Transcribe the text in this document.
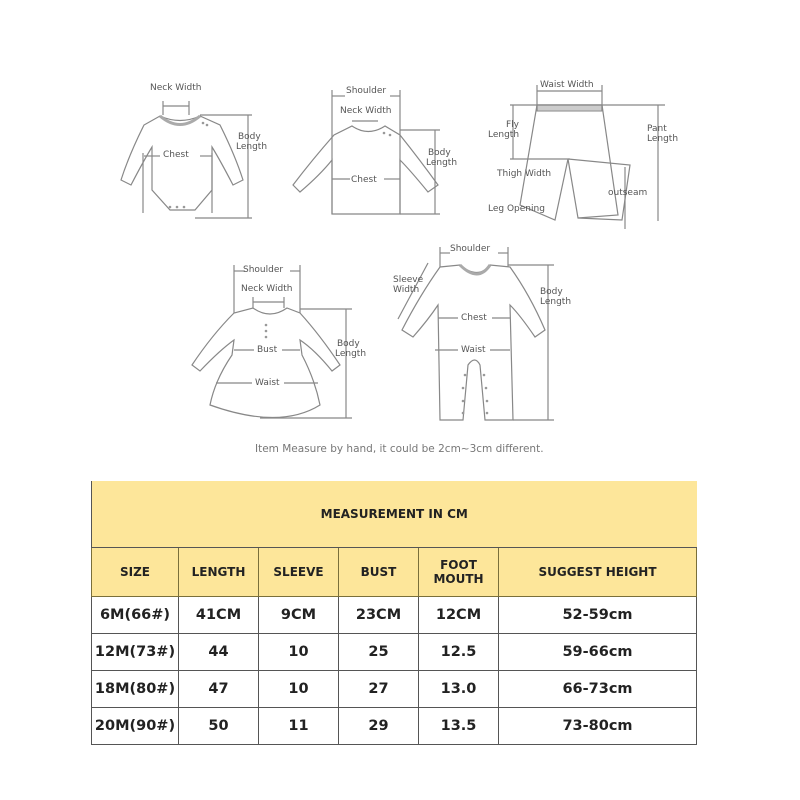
Neck Width
Body
Length
Chest
Shoulder
Neck Width
Body
Length
Chest
Waist Width
Fly
Length
Pant
Length
Thigh Width
outseam
Leg Opening
Shoulder
Neck Width
Body
Length
Bust
Waist
Shoulder
Sleeve
Width	Body
Length
Chest
Waist
Item Measure by hand, it could be 2cm~3cm different.
MEASUREMENT IN CM					
SIZE	LENGTH	SLEEVE	BUST	FOOT MOUTH	SUGGEST HEIGHT
6M(66#)	41CM	9CM	23CM	12CM	52-59cm
12M(73#)	44	10	25	12.5	59-66cm
18M(80#)	47	10	27	13.0	66-73cm
20M(90#)	50	11	29	13.5	73-80cm
